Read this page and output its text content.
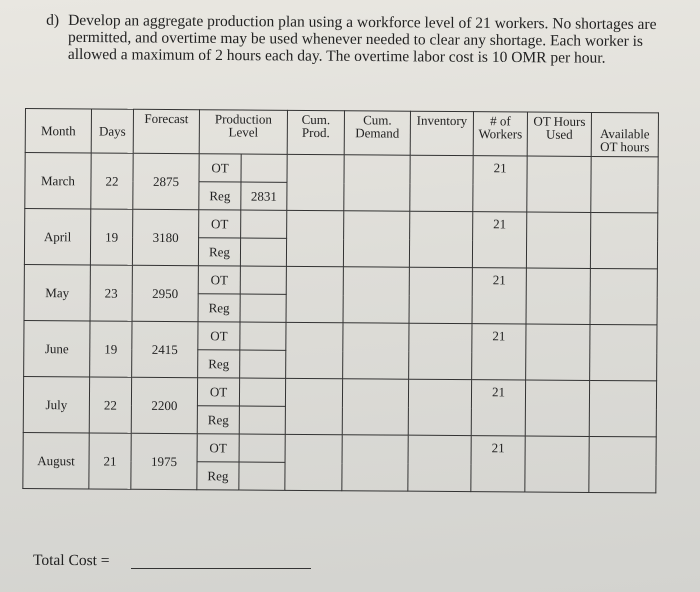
d) Develop an aggregate production plan using a workforce level of 21 workers. No shortages are permitted, and overtime may be used whenever needed to clear any shortage. Each worker is allowed a maximum of 2 hours each day. The overtime labor cost is 10 OMR per hour.
Month	Days	Forecast	Production Level		Cum. Prod.	Cum. Demand	Inventory	# of Workers	OT Hours Used	Available OT hours
March	22	2875	OT					21		
			Reg	2831						
April	19	3180	OT					21		
			Reg							
May	23	2950	OT					21		
			Reg							
June	19	2415	OT					21		
			Reg							
July	22	2200	OT					21		
			Reg							
August	21	1975	OT					21		
			Reg							
Total Cost =
